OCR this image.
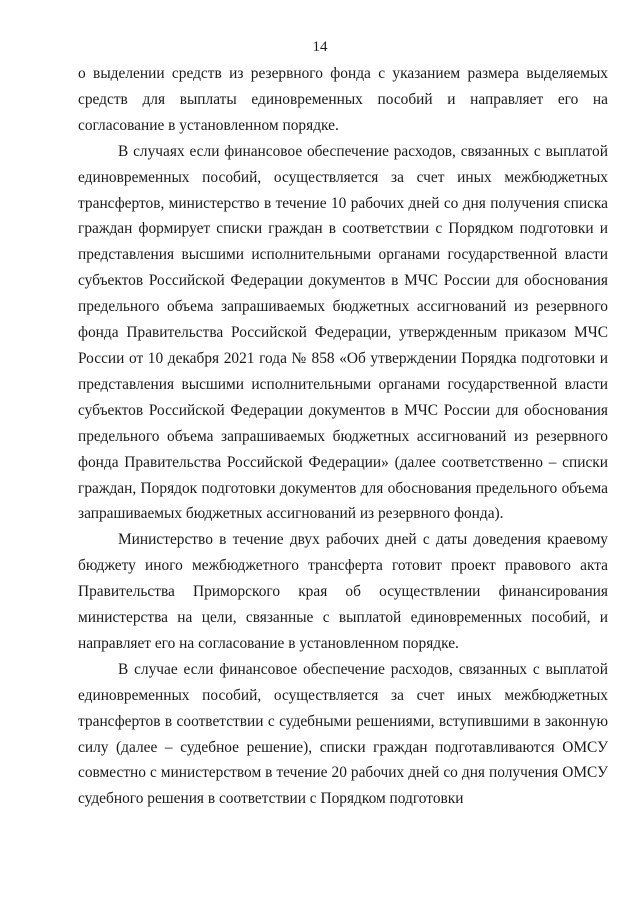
14

о выделении средств из резервного фонда с указанием размера выделяемых средств для выплаты единовременных пособий и направляет его на согласование в установленном порядке.

В случаях если финансовое обеспечение расходов, связанных с выплатой единовременных пособий, осуществляется за счет иных межбюджетных трансфертов, министерство в течение 10 рабочих дней со дня получения списка граждан формирует списки граждан в соответствии с Порядком подготовки и представления высшими исполнительными органами государственной власти субъектов Российской Федерации документов в МЧС России для обоснования предельного объема запрашиваемых бюджетных ассигнований из резервного фонда Правительства Российской Федерации, утвержденным приказом МЧС России от 10 декабря 2021 года № 858 «Об утверждении Порядка подготовки и представления высшими исполнительными органами государственной власти субъектов Российской Федерации документов в МЧС России для обоснования предельного объема запрашиваемых бюджетных ассигнований из резервного фонда Правительства Российской Федерации» (далее соответственно – списки граждан, Порядок подготовки документов для обоснования предельного объема запрашиваемых бюджетных ассигнований из резервного фонда).

Министерство в течение двух рабочих дней с даты доведения краевому бюджету иного межбюджетного трансферта готовит проект правового акта Правительства Приморского края об осуществлении финансирования министерства на цели, связанные с выплатой единовременных пособий, и направляет его на согласование в установленном порядке.

В случае если финансовое обеспечение расходов, связанных с выплатой единовременных пособий, осуществляется за счет иных межбюджетных трансфертов в соответствии с судебными решениями, вступившими в законную силу (далее – судебное решение), списки граждан подготавливаются ОМСУ совместно с министерством в течение 20 рабочих дней со дня получения ОМСУ судебного решения в соответствии с Порядком подготовки
